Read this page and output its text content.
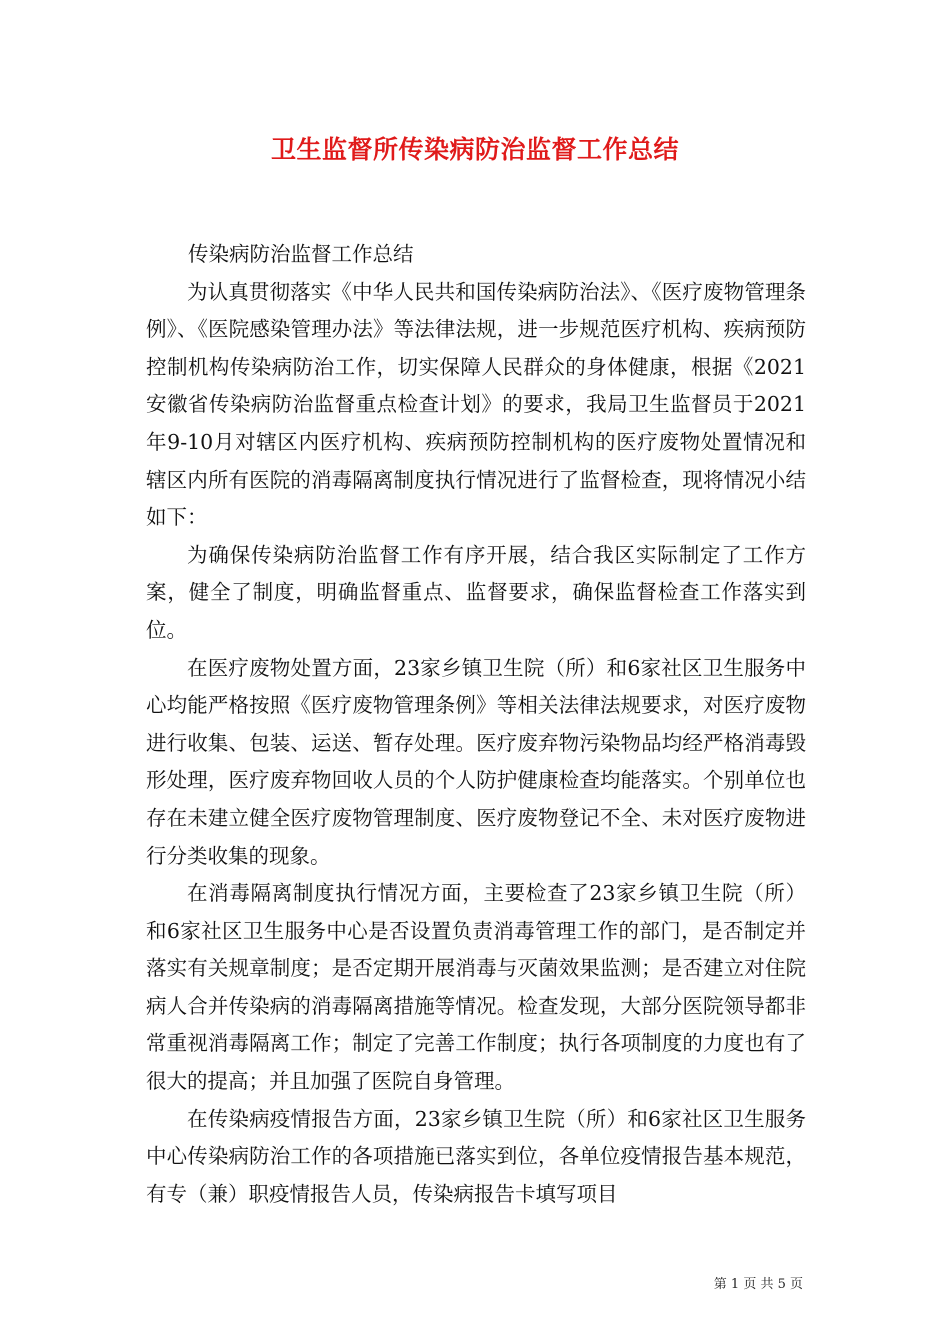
卫生监督所传染病防治监督工作总结

传染病防治监督工作总结

为认真贯彻落实《中华人民共和国传染病防治法》、《医疗废物管理条例》、《医院感染管理办法》等法律法规，进一步规范医疗机构、疾病预防控制机构传染病防治工作，切实保障人民群众的身体健康，根据《2021安徽省传染病防治监督重点检查计划》的要求，我局卫生监督员于2021年9-10月对辖区内医疗机构、疾病预防控制机构的医疗废物处置情况和辖区内所有医院的消毒隔离制度执行情况进行了监督检查，现将情况小结如下：

为确保传染病防治监督工作有序开展，结合我区实际制定了工作方案，健全了制度，明确监督重点、监督要求，确保监督检查工作落实到位。

在医疗废物处置方面，23家乡镇卫生院（所）和6家社区卫生服务中心均能严格按照《医疗废物管理条例》等相关法律法规要求，对医疗废物进行收集、包装、运送、暂存处理。医疗废弃物污染物品均经严格消毒毁形处理，医疗废弃物回收人员的个人防护健康检查均能落实。个别单位也存在未建立健全医疗废物管理制度、医疗废物登记不全、未对医疗废物进行分类收集的现象。

在消毒隔离制度执行情况方面，主要检查了23家乡镇卫生院（所）和6家社区卫生服务中心是否设置负责消毒管理工作的部门，是否制定并落实有关规章制度；是否定期开展消毒与灭菌效果监测；是否建立对住院病人合并传染病的消毒隔离措施等情况。检查发现，大部分医院领导都非常重视消毒隔离工作；制定了完善工作制度；执行各项制度的力度也有了很大的提高；并且加强了医院自身管理。

在传染病疫情报告方面，23家乡镇卫生院（所）和6家社区卫生服务中心传染病防治工作的各项措施已落实到位，各单位疫情报告基本规范，有专（兼）职疫情报告人员，传染病报告卡填写项目

第 1 页 共 5 页
